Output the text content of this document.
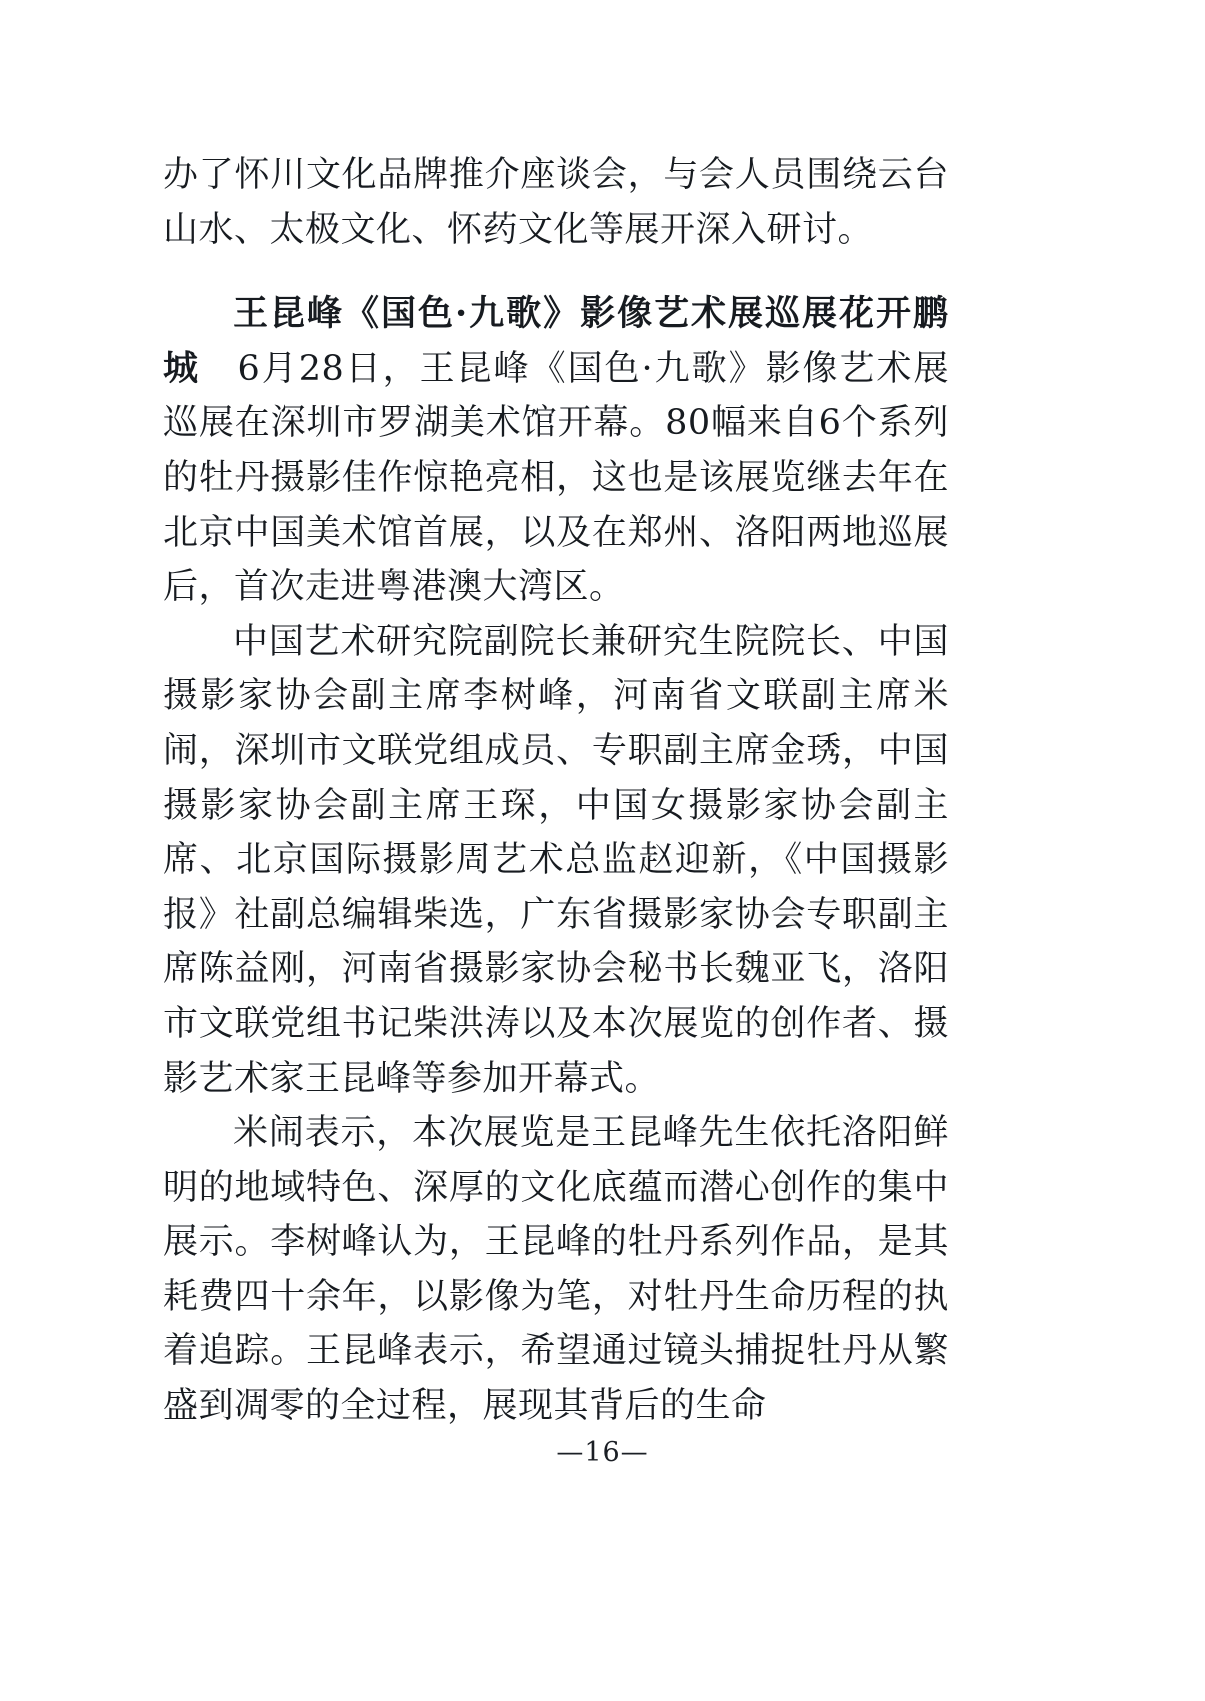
办了怀川文化品牌推介座谈会，与会人员围绕云台山水、太极文化、怀药文化等展开深入研讨。

王昆峰《国色·九歌》影像艺术展巡展花开鹏城　6月28日，王昆峰《国色·九歌》影像艺术展巡展在深圳市罗湖美术馆开幕。80幅来自6个系列的牡丹摄影佳作惊艳亮相，这也是该展览继去年在北京中国美术馆首展，以及在郑州、洛阳两地巡展后，首次走进粤港澳大湾区。

中国艺术研究院副院长兼研究生院院长、中国摄影家协会副主席李树峰，河南省文联副主席米闹，深圳市文联党组成员、专职副主席金琇，中国摄影家协会副主席王琛，中国女摄影家协会副主席、北京国际摄影周艺术总监赵迎新，《中国摄影报》社副总编辑柴选，广东省摄影家协会专职副主席陈益刚，河南省摄影家协会秘书长魏亚飞，洛阳市文联党组书记柴洪涛以及本次展览的创作者、摄影艺术家王昆峰等参加开幕式。

米闹表示，本次展览是王昆峰先生依托洛阳鲜明的地域特色、深厚的文化底蕴而潜心创作的集中展示。李树峰认为，王昆峰的牡丹系列作品，是其耗费四十余年，以影像为笔，对牡丹生命历程的执着追踪。王昆峰表示，希望通过镜头捕捉牡丹从繁盛到凋零的全过程，展现其背后的生命

—16—
